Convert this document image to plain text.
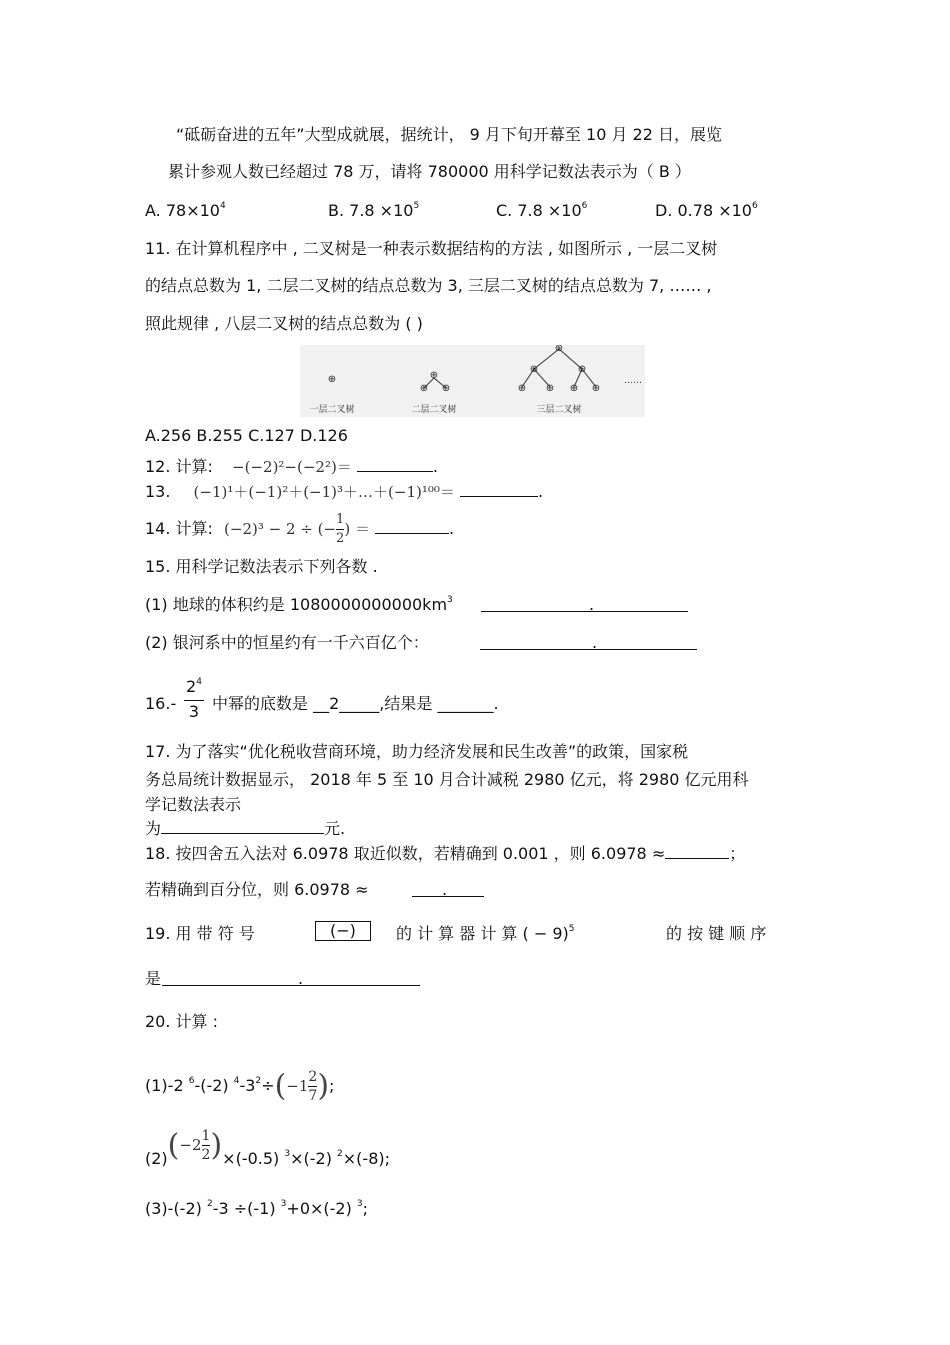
“砥砺奋进的五年”大型成就展，据统计， 9 月下旬开幕至 10 月 22 日，展览
累计参观人数已经超过 78 万，请将 780000 用科学记数法表示为（ B ）
A. $78\times 10^4$	B. $7.8 \times 10^5$	C. $7.8 \times 10^6$	D. $0.78 \times 10^6$
11. 在计算机程序中 , 二叉树是一种表示数据结构的方法 , 如图所示 , 一层二叉树
的结点总数为 1, 二层二叉树的结点总数为 3, 三层二叉树的结点总数为 7, …… ,
照此规律 , 八层二叉树的结点总数为 ( )
⊕	⊕
⊕ ⊕
⊕
⊕	⊕
⊕ ⊕ ⊕ ⊕
一层二叉树	二层二叉树	三层二叉树
……
A.256 B.255 C.127 D.126
12. 计算: −(−2)²−(−2²)＝	.
13. (−1)¹＋(−1)²＋(−1)³＋…＋(−1)¹⁰⁰＝	.
14. 计算: (−2)³ − 2 ÷ (− $\frac{1}{2}$ ) ＝	.
15. 用科学记数法表示下列各数 .
(1) 地球的体积约是 $1080000000000km^3$	.
(2) 银河系中的恒星约有一千六百亿个：	.
16.-
$2^4$
3 中幂的底数是 __2_____,结果是 _______.
17. 为了落实“优化税收营商环境，助力经济发展和民生改善”的政策，国家税
务总局统计数据显示， 2018 年 5 至 10 月合计减税 2980 亿元，将 2980 亿元用科
学记数法表示
为	元.
18. 按四舍五入法对 6.0978 取近似数，若精确到 0.001 ，则 6.0978 ≈	；
若精确到百分位，则 6.0978 ≈	.
19. 用 带 符 号	(−)	的 计 算 器 计 算 ( − 9)$^5$	的 按 键 顺 序
是	.
20. 计算 :
(1)-2 $^6$-(-2) $^4-3^2\div(-1 \frac{2}{7}$ );
$(2)(-2 \frac{1}{2} )\times(-0.5)$ $^3$×(-2) $^2$×(-8);
(3)-(-2) $^2$-3 ÷(-1) $^3$+0×(-2) $^3$;
